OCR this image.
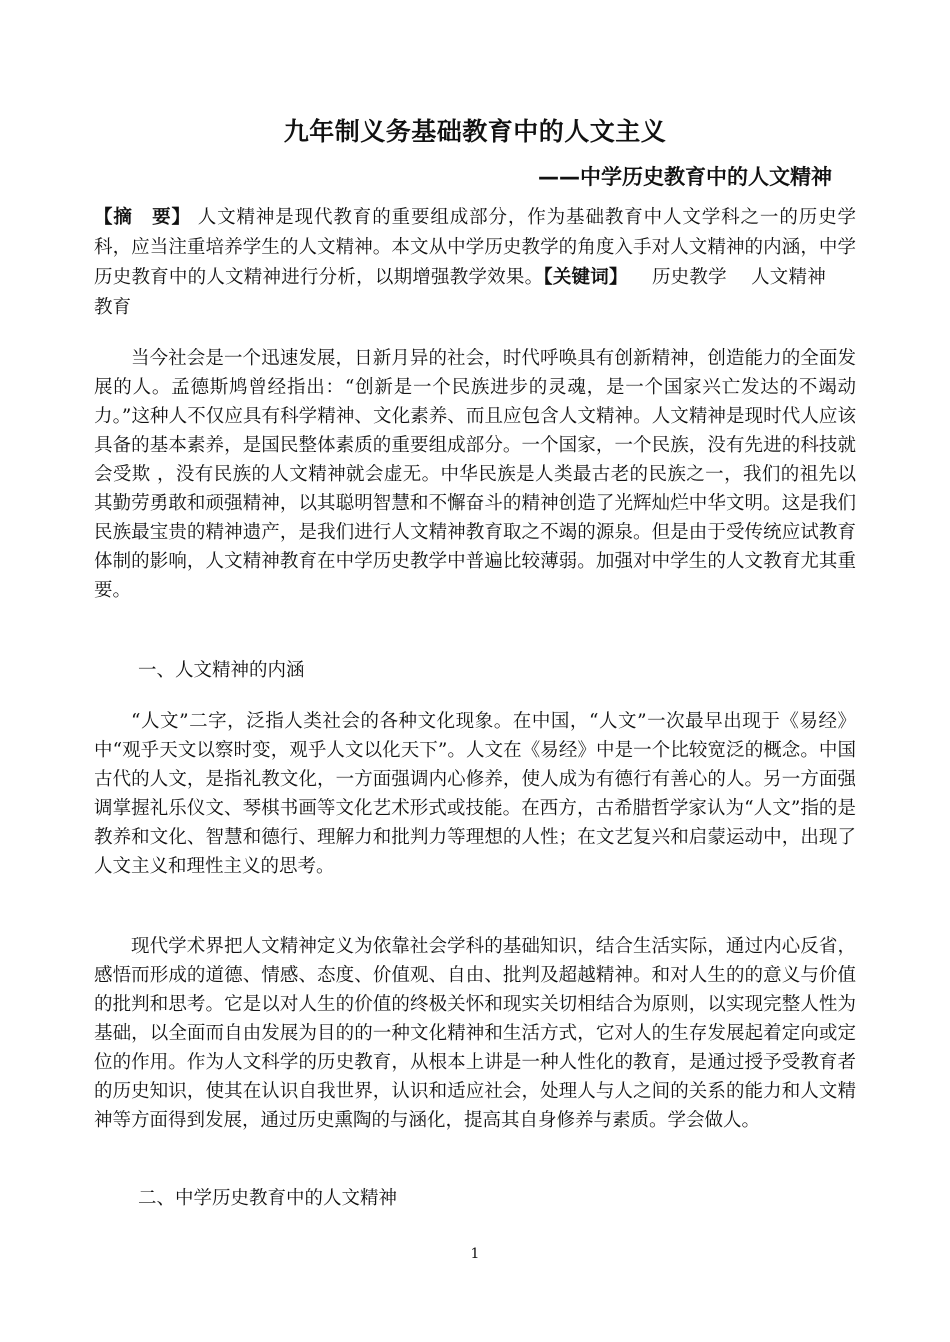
九年制义务基础教育中的人文主义
——中学历史教育中的人文精神

【摘　要】 人文精神是现代教育的重要组成部分，作为基础教育中人文学科之一的历史学科，应当注重培养学生的人文精神。本文从中学历史教学的角度入手对人文精神的内涵，中学历史教育中的人文精神进行分析，以期增强教学效果。【关键词】 历史教学 人文精神教育

当今社会是一个迅速发展，日新月异的社会，时代呼唤具有创新精神，创造能力的全面发展的人。孟德斯鸠曾经指出：“创新是一个民族进步的灵魂，是一个国家兴亡发达的不竭动力。”这种人不仅应具有科学精神、文化素养、而且应包含人文精神。人文精神是现时代人应该具备的基本素养，是国民整体素质的重要组成部分。一个国家，一个民族，没有先进的科技就会受欺 ，没有民族的人文精神就会虚无。中华民族是人类最古老的民族之一，我们的祖先以其勤劳勇敢和顽强精神，以其聪明智慧和不懈奋斗的精神创造了光辉灿烂中华文明。这是我们民族最宝贵的精神遗产，是我们进行人文精神教育取之不竭的源泉。但是由于受传统应试教育体制的影响，人文精神教育在中学历史教学中普遍比较薄弱。加强对中学生的人文教育尤其重要。

一、人文精神的内涵

“人文”二字，泛指人类社会的各种文化现象。在中国，“人文”一次最早出现于《易经》中“观乎天文以察时变，观乎人文以化天下”。人文在《易经》中是一个比较宽泛的概念。中国古代的人文，是指礼教文化，一方面强调内心修养，使人成为有德行有善心的人。另一方面强调掌握礼乐仪文、琴棋书画等文化艺术形式或技能。在西方，古希腊哲学家认为“人文”指的是教养和文化、智慧和德行、理解力和批判力等理想的人性；在文艺复兴和启蒙运动中，出现了人文主义和理性主义的思考。

现代学术界把人文精神定义为依靠社会学科的基础知识，结合生活实际，通过内心反省，感悟而形成的道德、情感、态度、价值观、自由、批判及超越精神。和对人生的的意义与价值的批判和思考。它是以对人生的价值的终极关怀和现实关切相结合为原则，以实现完整人性为基础，以全面而自由发展为目的的一种文化精神和生活方式，它对人的生存发展起着定向或定位的作用。作为人文科学的历史教育，从根本上讲是一种人性化的教育，是通过授予受教育者的历史知识，使其在认识自我世界，认识和适应社会，处理人与人之间的关系的能力和人文精神等方面得到发展，通过历史熏陶的与涵化，提高其自身修养与素质。学会做人。

二、中学历史教育中的人文精神

1
